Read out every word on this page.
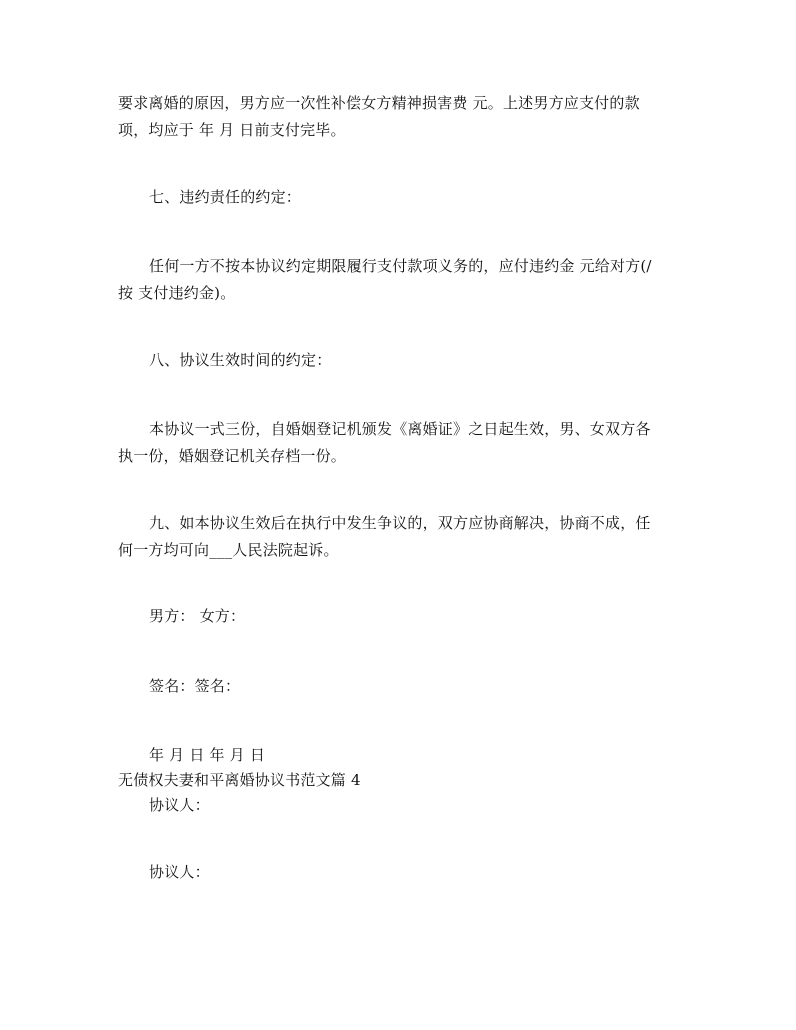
要求离婚的原因，男方应一次性补偿女方精神损害费 元。上述男方应支付的款
项，均应于 年 月 日前支付完毕。
七、违约责任的约定：
任何一方不按本协议约定期限履行支付款项义务的，应付违约金 元给对方(/
按 支付违约金)。
八、协议生效时间的约定：
本协议一式三份，自婚姻登记机颁发《离婚证》之日起生效，男、女双方各
执一份，婚姻登记机关存档一份。
九、如本协议生效后在执行中发生争议的，双方应协商解决，协商不成，任
何一方均可向___人民法院起诉。
男方： 女方：
签名：签名：
年 月 日 年 月 日
无债权夫妻和平离婚协议书范文篇 4
协议人：
协议人：
